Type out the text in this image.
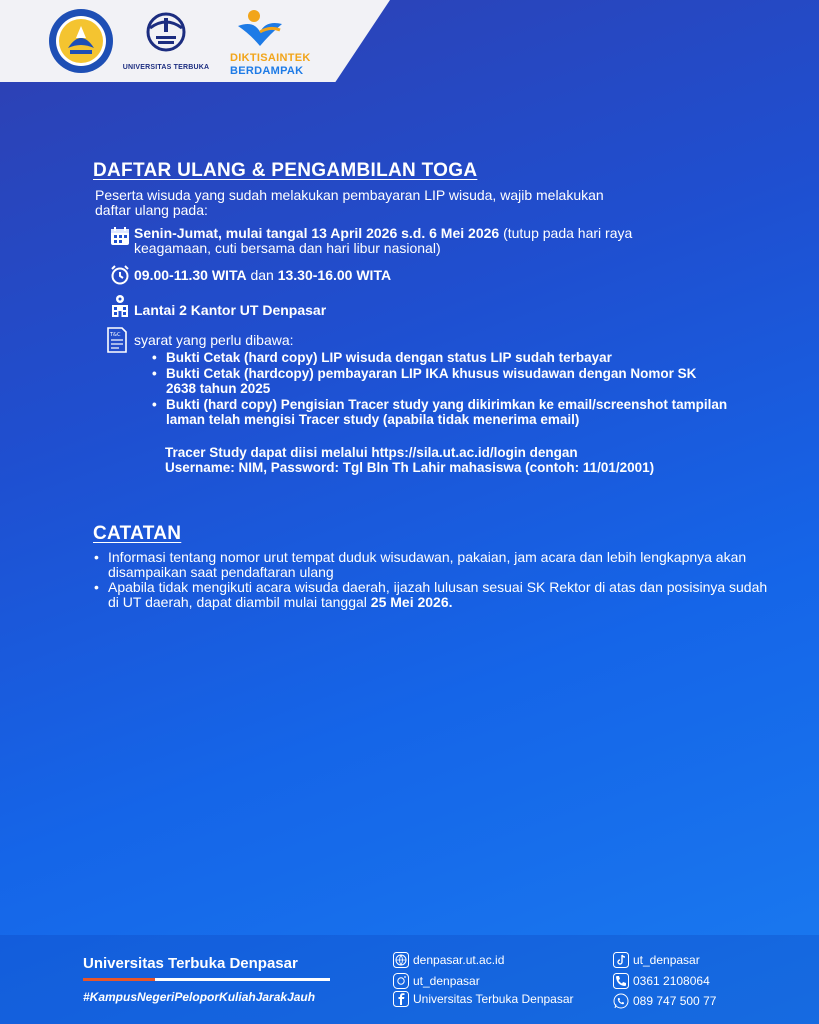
UNIVERSITAS TERBUKA
DIKTISAINTEK
BERDAMPAK
DAFTAR ULANG & PENGAMBILAN TOGA
Peserta wisuda yang sudah melakukan pembayaran LIP wisuda, wajib melakukan
daftar ulang pada:
Senin-Jumat, mulai tangal 13 April 2026 s.d. 6 Mei 2026 (tutup pada hari raya
keagamaan, cuti bersama dan hari libur nasional)
09.00-11.30 WITA dan 13.30-16.00 WITA
Lantai 2 Kantor UT Denpasar
T&C syarat yang perlu dibawa:
• Bukti Cetak (hard copy) LIP wisuda dengan status LIP sudah terbayar
• Bukti Cetak (hardcopy) pembayaran LIP IKA khusus wisudawan dengan Nomor SK 2638 tahun 2025
• Bukti (hard copy) Pengisian Tracer study yang dikirimkan ke email/screenshot tampilan laman telah mengisi Tracer study (apabila tidak menerima email)
Tracer Study dapat diisi melalui https://sila.ut.ac.id/login dengan
Username: NIM, Password: Tgl Bln Th Lahir mahasiswa (contoh: 11/01/2001)
CATATAN
• Informasi tentang nomor urut tempat duduk wisudawan, pakaian, jam acara dan lebih lengkapnya akan disampaikan saat pendaftaran ulang
• Apabila tidak mengikuti acara wisuda daerah, ijazah lulusan sesuai SK Rektor di atas dan posisinya sudah di UT daerah, dapat diambil mulai tanggal 25 Mei 2026.
Universitas Terbuka Denpasar
#KampusNegeriPeloporKuliahJarakJauh
denpasar.ut.ac.id
ut_denpasar
Universitas Terbuka Denpasar
ut_denpasar
0361 2108064
089 747 500 77
